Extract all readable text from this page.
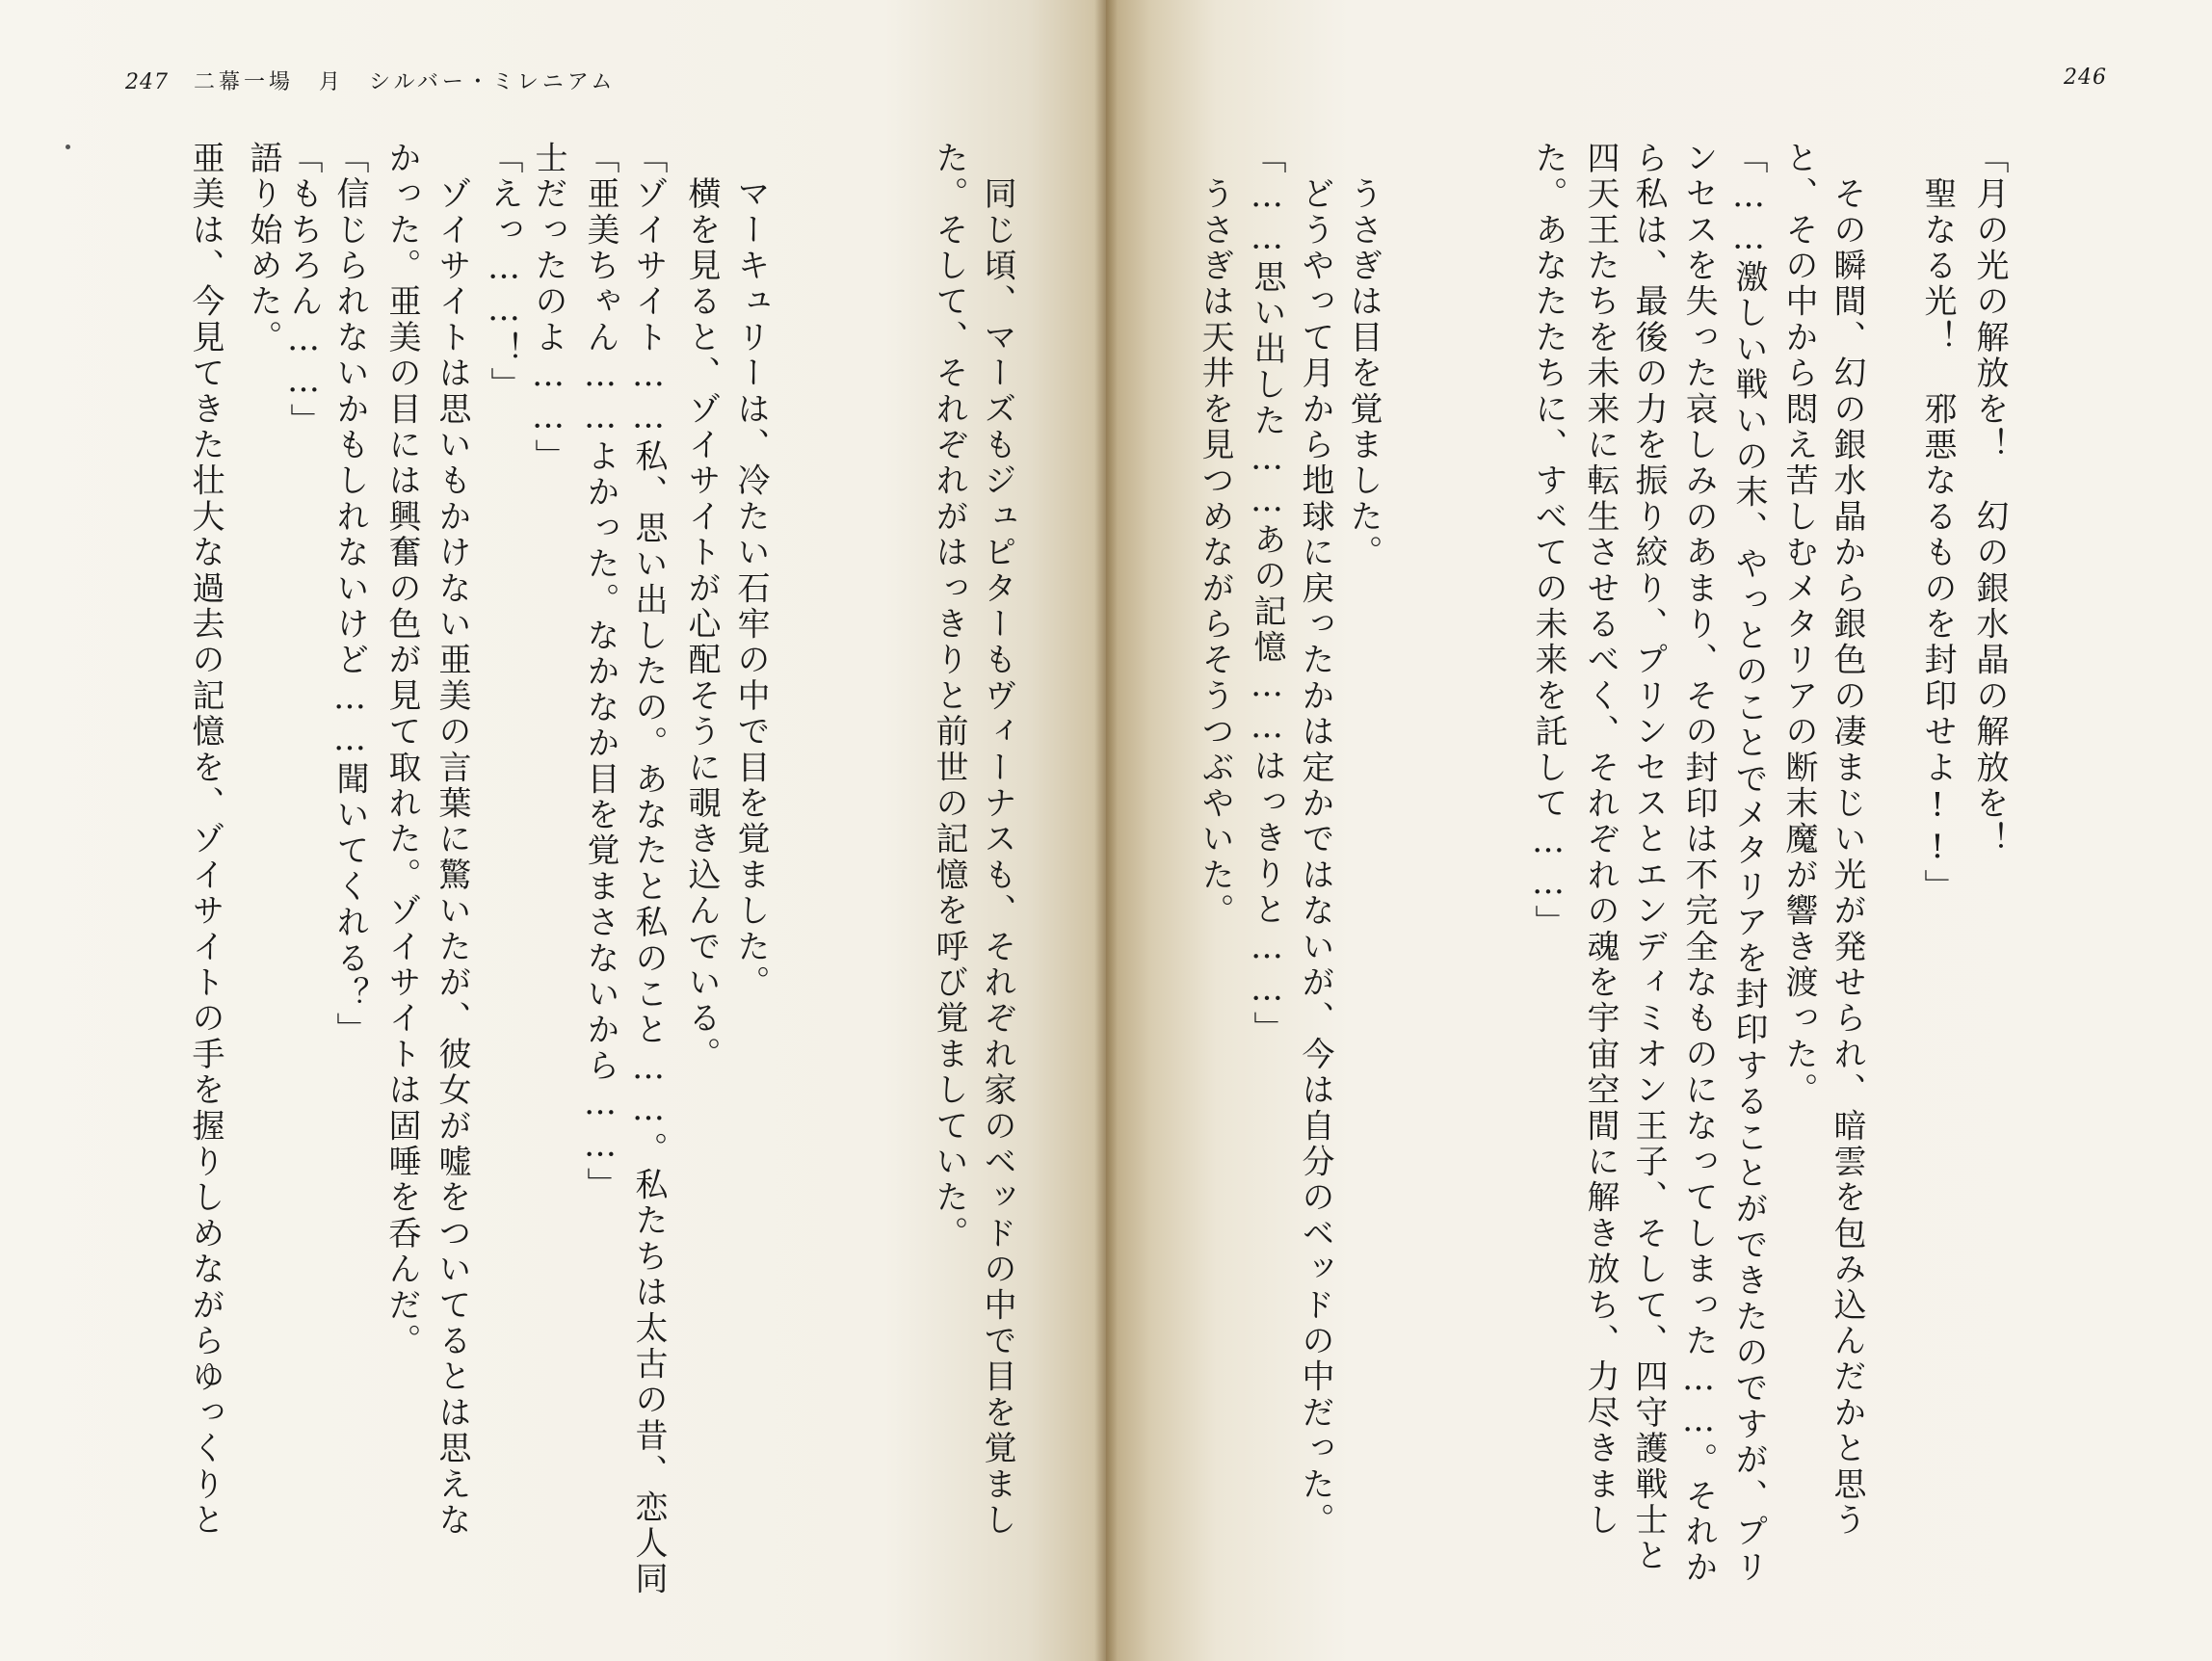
247 二幕一場　月　シルバー・ミレニアム
亜美は、今見てきた壮大な過去の記憶を、ゾイサイトの手を握りしめながらゆっくりと 語り始めた。 「もちろん……」 「信じられないかもしれないけど……聞いてくれる？」 かった。亜美の目には興奮の色が見て取れた。ゾイサイトは固唾を呑んだ。 　ゾイサイトは思いもかけない亜美の言葉に驚いたが、彼女が嘘をついてるとは思えな 「えっ……！」 士だったのよ……」 「亜美ちゃん……よかった。なかなか目を覚まさないから……」 「ゾイサイト……私、思い出したの。あなたと私のこと……。私たちは太古の昔、恋人同 　横を見ると、ゾイサイトが心配そうに覗き込んでいる。 　マーキュリーは、冷たい石牢の中で目を覚ました。	た。そして、それぞれがはっきりと前世の記憶を呼び覚ましていた。 　同じ頃、マーズもジュピターもヴィーナスも、それぞれ家のベッドの中で目を覚まし
246
　うさぎは天井を見つめながらそうつぶやいた。 「……思い出した……あの記憶……はっきりと……」 　どうやって月から地球に戻ったかは定かではないが、今は自分のベッドの中だった。 　うさぎは目を覚ました。	た。あなたたちに、すべての未来を託して……」 四天王たちを未来に転生させるべく、それぞれの魂を宇宙空間に解き放ち、力尽きまし ら私は、最後の力を振り絞り、プリンセスとエンディミオン王子、そして、四守護戦士と ンセスを失った哀しみのあまり、その封印は不完全なものになってしまった……。それか 「……激しい戦いの末、やっとのことでメタリアを封印することができたのですが、プリ と、その中から悶え苦しむメタリアの断末魔が響き渡った。 　その瞬間、幻の銀水晶から銀色の凄まじい光が発せられ、暗雲を包み込んだかと思う 　聖なる光！　邪悪なるものを封印せよ!!」 「月の光の解放を！　幻の銀水晶の解放を！
